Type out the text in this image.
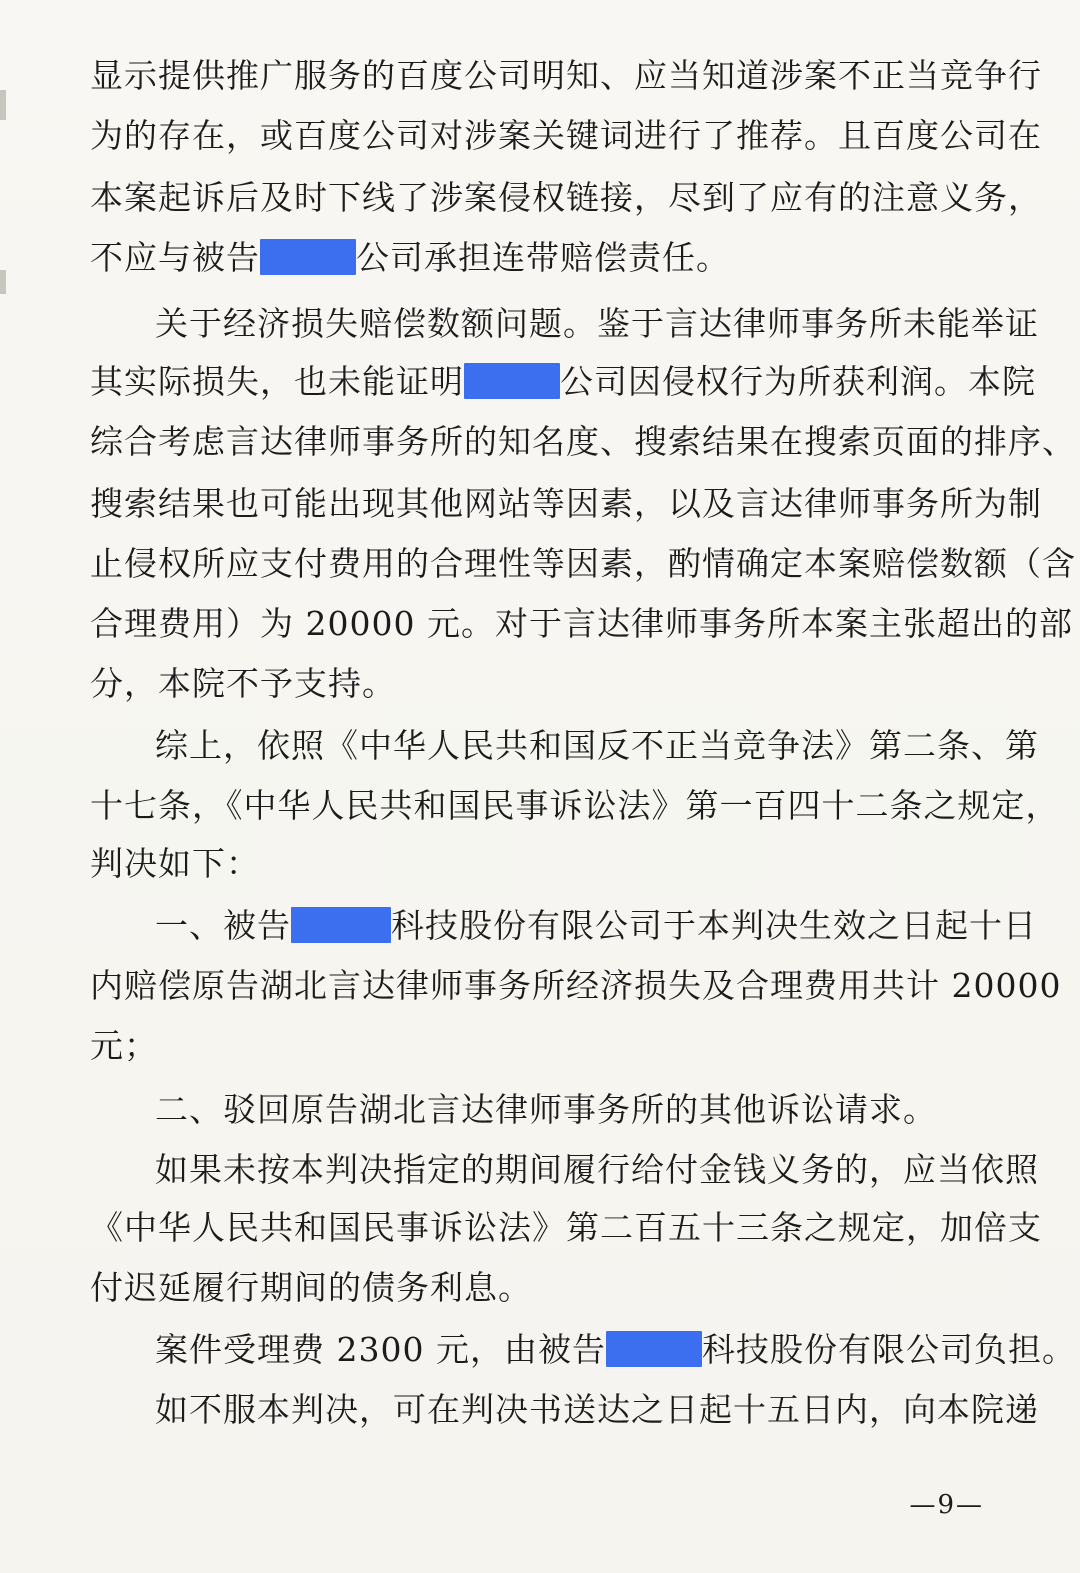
显示提供推广服务的百度公司明知、应当知道涉案不正当竞争行
为的存在，或百度公司对涉案关键词进行了推荐。且百度公司在
本案起诉后及时下线了涉案侵权链接，尽到了应有的注意义务，
不应与被告	公司承担连带赔偿责任。
关于经济损失赔偿数额问题。鉴于言达律师事务所未能举证
其实际损失，也未能证明	公司因侵权行为所获利润。本院
综合考虑言达律师事务所的知名度、搜索结果在搜索页面的排序、
搜索结果也可能出现其他网站等因素，以及言达律师事务所为制
止侵权所应支付费用的合理性等因素，酌情确定本案赔偿数额（含
合理费用）为 20000 元。对于言达律师事务所本案主张超出的部
分，本院不予支持。
综上，依照《中华人民共和国反不正当竞争法》第二条、第
十七条，《中华人民共和国民事诉讼法》第一百四十二条之规定，
判决如下：
一、被告	科技股份有限公司于本判决生效之日起十日
内赔偿原告湖北言达律师事务所经济损失及合理费用共计 20000
元；
二、驳回原告湖北言达律师事务所的其他诉讼请求。
如果未按本判决指定的期间履行给付金钱义务的，应当依照
《中华人民共和国民事诉讼法》第二百五十三条之规定，加倍支
付迟延履行期间的债务利息。
案件受理费 2300 元，由被告	科技股份有限公司负担。
如不服本判决，可在判决书送达之日起十五日内，向本院递
—9—
